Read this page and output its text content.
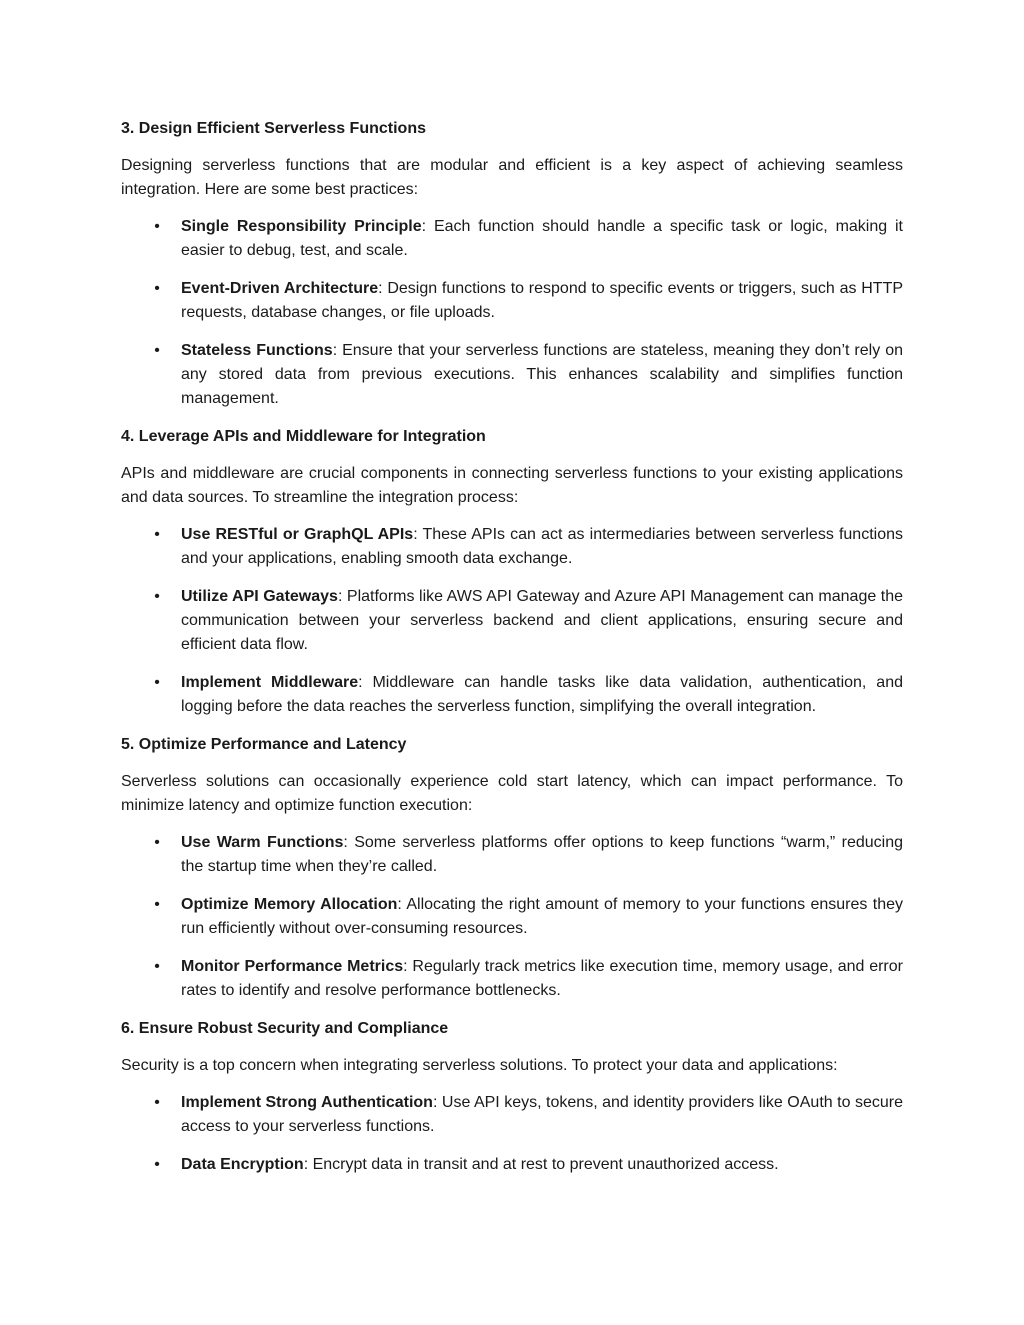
3. Design Efficient Serverless Functions

Designing serverless functions that are modular and efficient is a key aspect of achieving seamless integration. Here are some best practices:

• Single Responsibility Principle: Each function should handle a specific task or logic, making it easier to debug, test, and scale.
• Event-Driven Architecture: Design functions to respond to specific events or triggers, such as HTTP requests, database changes, or file uploads.
• Stateless Functions: Ensure that your serverless functions are stateless, meaning they don’t rely on any stored data from previous executions. This enhances scalability and simplifies function management.
4. Leverage APIs and Middleware for Integration

APIs and middleware are crucial components in connecting serverless functions to your existing applications and data sources. To streamline the integration process:

• Use RESTful or GraphQL APIs: These APIs can act as intermediaries between serverless functions and your applications, enabling smooth data exchange.
• Utilize API Gateways: Platforms like AWS API Gateway and Azure API Management can manage the communication between your serverless backend and client applications, ensuring secure and efficient data flow.
• Implement Middleware: Middleware can handle tasks like data validation, authentication, and logging before the data reaches the serverless function, simplifying the overall integration.
5. Optimize Performance and Latency

Serverless solutions can occasionally experience cold start latency, which can impact performance. To minimize latency and optimize function execution:

• Use Warm Functions: Some serverless platforms offer options to keep functions “warm,” reducing the startup time when they’re called.
• Optimize Memory Allocation: Allocating the right amount of memory to your functions ensures they run efficiently without over-consuming resources.
• Monitor Performance Metrics: Regularly track metrics like execution time, memory usage, and error rates to identify and resolve performance bottlenecks.
6. Ensure Robust Security and Compliance

Security is a top concern when integrating serverless solutions. To protect your data and applications:

• Implement Strong Authentication: Use API keys, tokens, and identity providers like OAuth to secure access to your serverless functions.
• Data Encryption: Encrypt data in transit and at rest to prevent unauthorized access.
